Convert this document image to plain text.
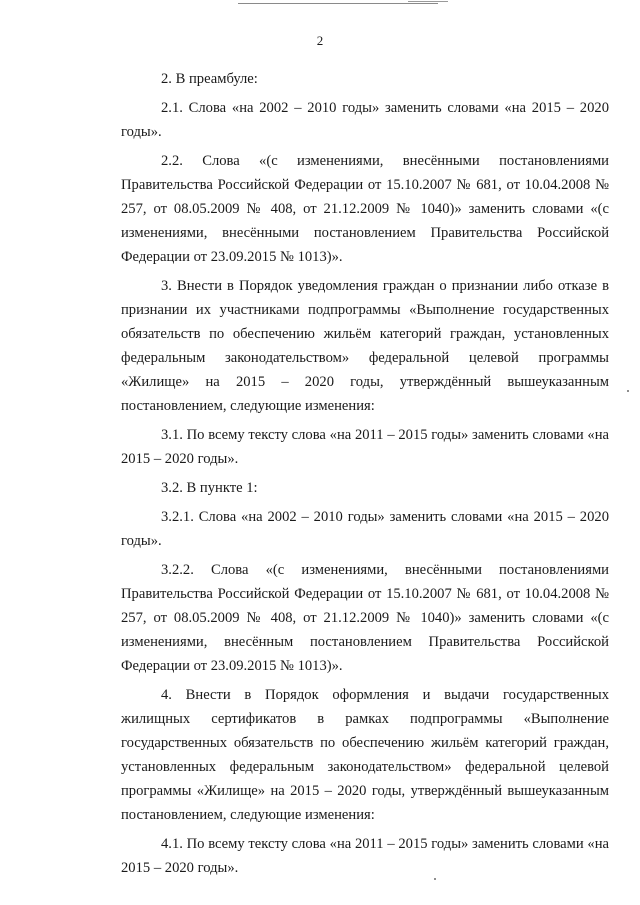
2

2. В преамбуле:

2.1. Слова «на 2002 – 2010 годы» заменить словами «на 2015 – 2020 годы».

2.2. Слова «(с изменениями, внесёнными постановлениями Правительства Российской Федерации от 15.10.2007 № 681, от 10.04.2008 № 257, от 08.05.2009 № 408, от 21.12.2009 № 1040)» заменить словами «(с изменениями, внесёнными постановлением Правительства Российской Федерации от 23.09.2015 № 1013)».

3. Внести в Порядок уведомления граждан о признании либо отказе в признании их участниками подпрограммы «Выполнение государственных обязательств по обеспечению жильём категорий граждан, установленных федеральным законодательством» федеральной целевой программы «Жилище» на 2015 – 2020 годы, утверждённый вышеуказанным постановлением, следующие изменения:

3.1. По всему тексту слова «на 2011 – 2015 годы» заменить словами «на 2015 – 2020 годы».

3.2. В пункте 1:

3.2.1. Слова «на 2002 – 2010 годы» заменить словами «на 2015 – 2020 годы».

3.2.2. Слова «(с изменениями, внесёнными постановлениями Правительства Российской Федерации от 15.10.2007 № 681, от 10.04.2008 № 257, от 08.05.2009 № 408, от 21.12.2009 № 1040)» заменить словами «(с изменениями, внесённым постановлением Правительства Российской Федерации от 23.09.2015 № 1013)».

4. Внести в Порядок оформления и выдачи государственных жилищных сертификатов в рамках подпрограммы «Выполнение государственных обязательств по обеспечению жильём категорий граждан, установленных федеральным законодательством» федеральной целевой программы «Жилище» на 2015 – 2020 годы, утверждённый вышеуказанным постановлением, следующие изменения:

4.1. По всему тексту слова «на 2011 – 2015 годы» заменить словами «на 2015 – 2020 годы».
